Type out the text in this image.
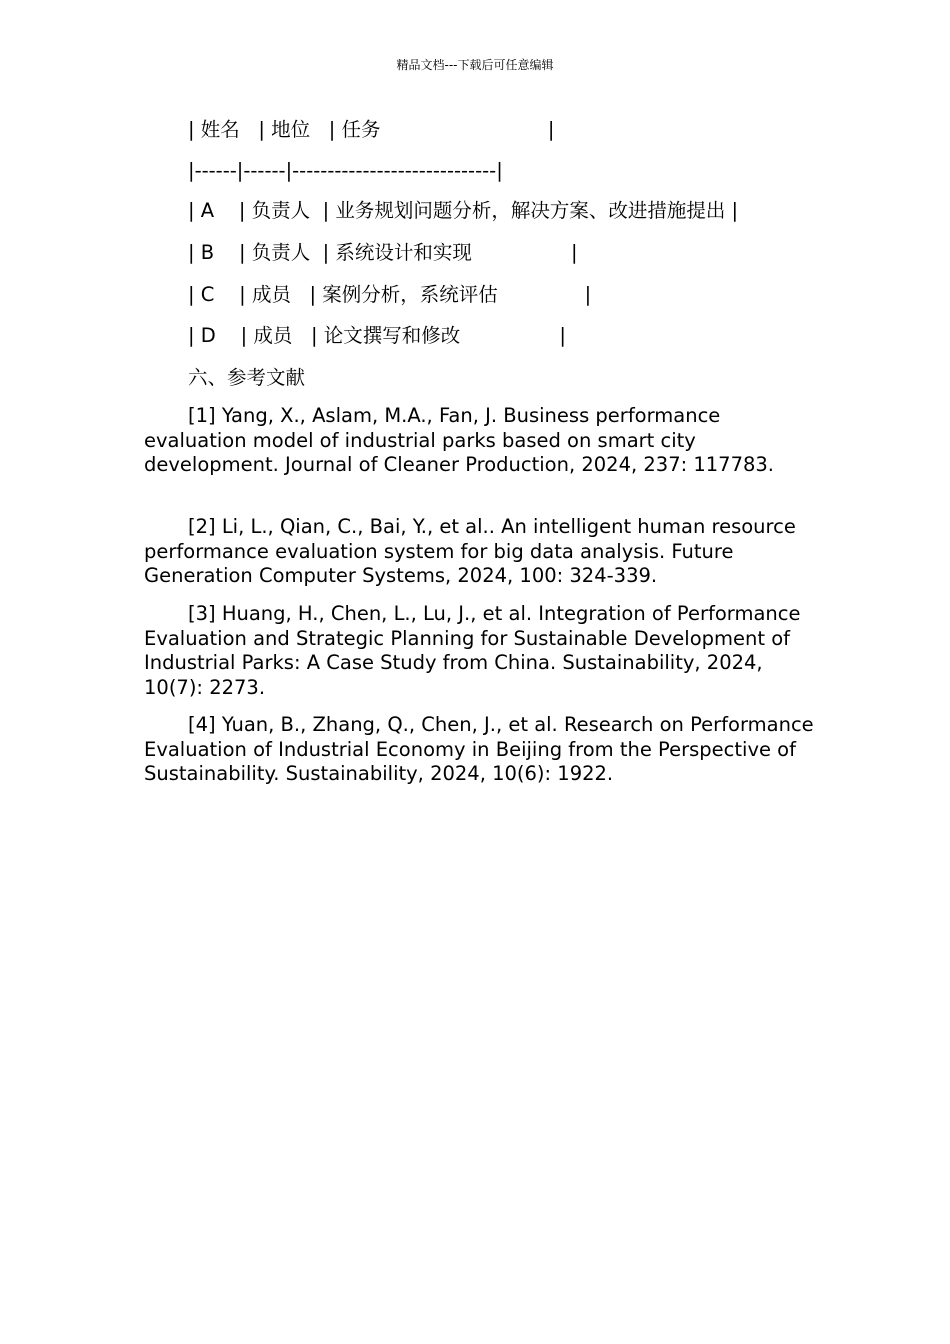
精品文档---下载后可任意编辑
| 姓名   | 地位   | 任务                           |
|------|------|-----------------------------|
| A    | 负责人  | 业务规划问题分析，解决方案、改进措施提出 |
| B    | 负责人  | 系统设计和实现                |
| C    | 成员   | 案例分析，系统评估              |
| D    | 成员   | 论文撰写和修改                |
六、参考文献

[1] Yang, X., Aslam, M.A., Fan, J. Business performance evaluation model of industrial parks based on smart city development. Journal of Cleaner Production, 2024, 237: 117783.

[2] Li, L., Qian, C., Bai, Y., et al.. An intelligent human resource performance evaluation system for big data analysis. Future Generation Computer Systems, 2024, 100: 324-339.

[3] Huang, H., Chen, L., Lu, J., et al. Integration of Performance Evaluation and Strategic Planning for Sustainable Development of Industrial Parks: A Case Study from China. Sustainability, 2024, 10(7): 2273.

[4] Yuan, B., Zhang, Q., Chen, J., et al. Research on Performance Evaluation of Industrial Economy in Beijing from the Perspective of Sustainability. Sustainability, 2024, 10(6): 1922.
